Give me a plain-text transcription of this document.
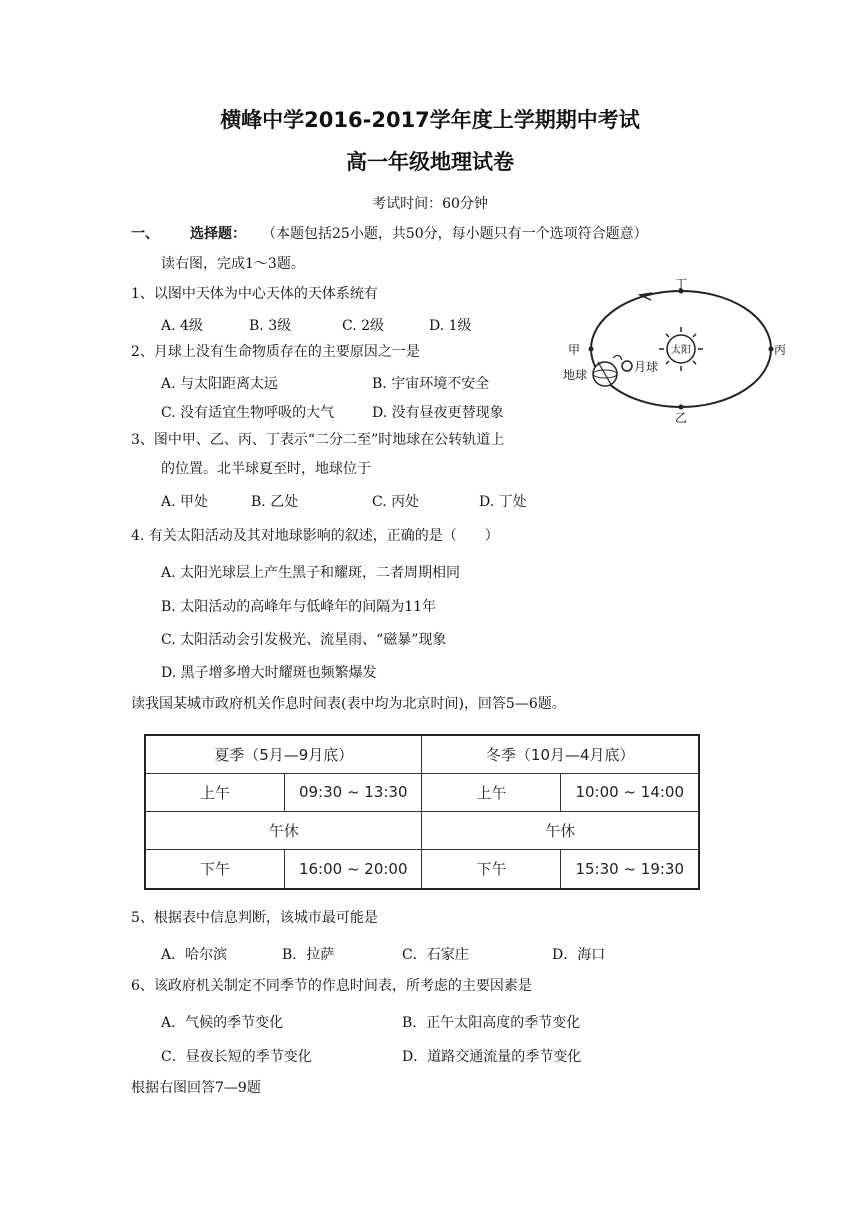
横峰中学2016-2017学年度上学期期中考试
高一年级地理试卷
考试时间：60分钟
一、 选择题： （本题包括25小题，共50分，每小题只有一个选项符合题意）
读右图，完成1～3题。
1、以图中天体为中心天体的天体系统有
A. 4级	B. 3级	C. 2级	D. 1级
2、月球上没有生命物质存在的主要原因之一是
A. 与太阳距离太远	B. 宇宙环境不安全
C. 没有适宜生物呼吸的大气	D. 没有昼夜更替现象
3、图中甲、乙、丙、丁表示“二分二至”时地球在公转轨道上
的位置。北半球夏至时，地球位于
A. 甲处	B. 乙处	C. 丙处	D. 丁处
4. 有关太阳活动及其对地球影响的叙述，正确的是（　　）
A. 太阳光球层上产生黑子和耀斑，二者周期相同
B. 太阳活动的高峰年与低峰年的间隔为11年
C. 太阳活动会引发极光、流星雨、“磁暴”现象
D. 黑子增多增大时耀斑也频繁爆发
读我国某城市政府机关作息时间表(表中均为北京时间)，回答5—6题。
夏季（5月—9月底）		冬季（10月—4月底）	
上午	09:30 ~ 13:30	上午	10:00 ~ 14:00
午休		午休	
下午	16:00 ~ 20:00	下午	15:30 ~ 19:30
5、根据表中信息判断，该城市最可能是
A．哈尔滨	B．拉萨	C．石家庄	D．海口
6、该政府机关制定不同季节的作息时间表，所考虑的主要因素是
A．气候的季节变化	B．正午太阳高度的季节变化
C．昼夜长短的季节变化	D．道路交通流量的季节变化
根据右图回答7—9题
太阳
地球
月球
丁
乙
甲	丙
